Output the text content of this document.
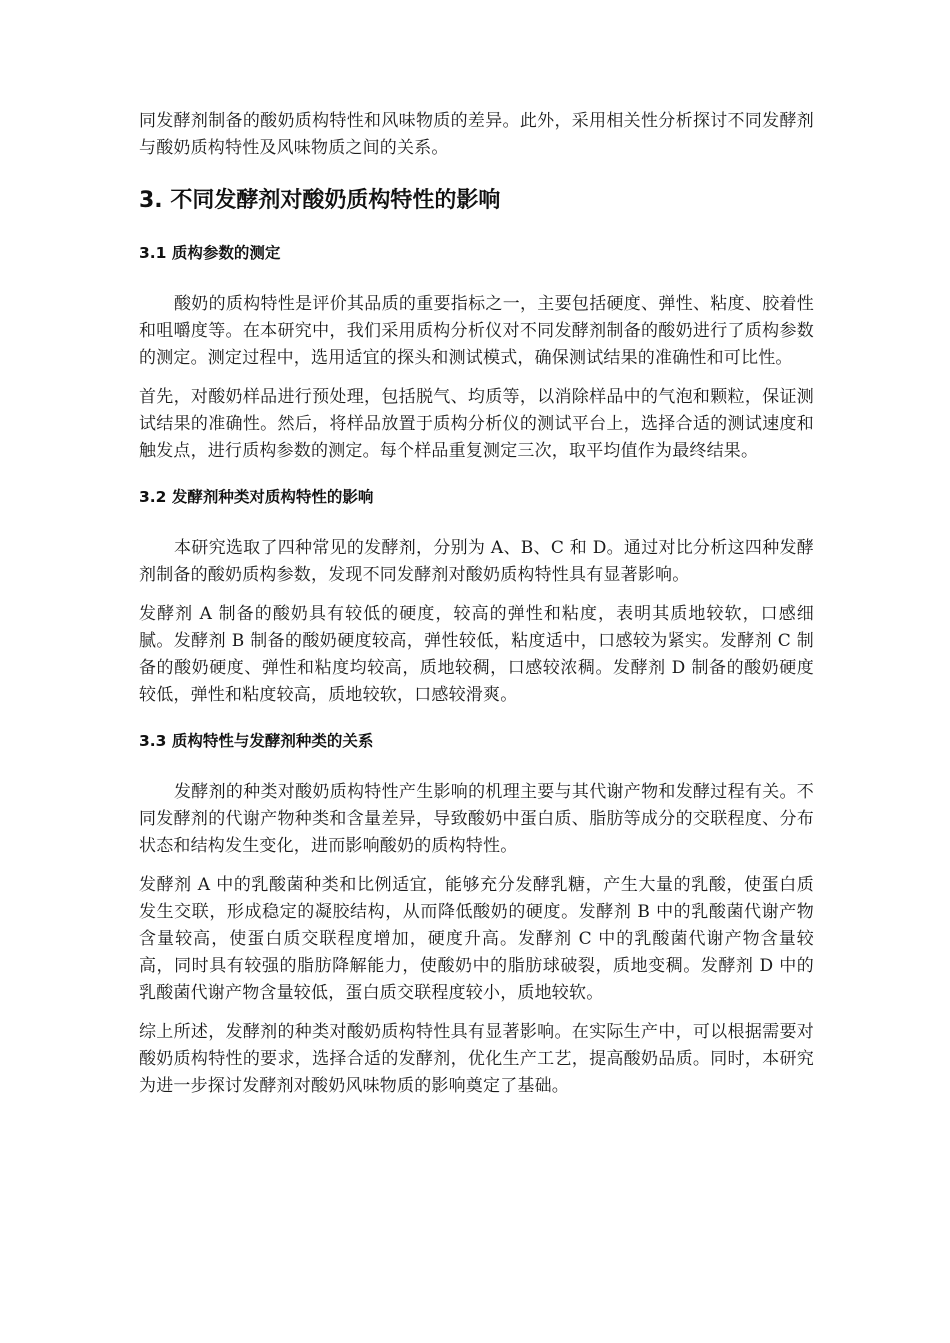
同发酵剂制备的酸奶质构特性和风味物质的差异。此外，采用相关性分析探讨不同发酵剂与酸奶质构特性及风味物质之间的关系。

3. 不同发酵剂对酸奶质构特性的影响
3.1 质构参数的测定

酸奶的质构特性是评价其品质的重要指标之一，主要包括硬度、弹性、粘度、胶着性和咀嚼度等。在本研究中，我们采用质构分析仪对不同发酵剂制备的酸奶进行了质构参数的测定。测定过程中，选用适宜的探头和测试模式，确保测试结果的准确性和可比性。

首先，对酸奶样品进行预处理，包括脱气、均质等，以消除样品中的气泡和颗粒，保证测试结果的准确性。然后，将样品放置于质构分析仪的测试平台上，选择合适的测试速度和触发点，进行质构参数的测定。每个样品重复测定三次，取平均值作为最终结果。

3.2 发酵剂种类对质构特性的影响

本研究选取了四种常见的发酵剂，分别为 A、B、C 和 D。通过对比分析这四种发酵剂制备的酸奶质构参数，发现不同发酵剂对酸奶质构特性具有显著影响。

发酵剂 A 制备的酸奶具有较低的硬度，较高的弹性和粘度，表明其质地较软，口感细腻。发酵剂 B 制备的酸奶硬度较高，弹性较低，粘度适中，口感较为紧实。发酵剂 C 制备的酸奶硬度、弹性和粘度均较高，质地较稠，口感较浓稠。发酵剂 D 制备的酸奶硬度较低，弹性和粘度较高，质地较软，口感较滑爽。

3.3 质构特性与发酵剂种类的关系

发酵剂的种类对酸奶质构特性产生影响的机理主要与其代谢产物和发酵过程有关。不同发酵剂的代谢产物种类和含量差异，导致酸奶中蛋白质、脂肪等成分的交联程度、分布状态和结构发生变化，进而影响酸奶的质构特性。

发酵剂 A 中的乳酸菌种类和比例适宜，能够充分发酵乳糖，产生大量的乳酸，使蛋白质发生交联，形成稳定的凝胶结构，从而降低酸奶的硬度。发酵剂 B 中的乳酸菌代谢产物含量较高，使蛋白质交联程度增加，硬度升高。发酵剂 C 中的乳酸菌代谢产物含量较高，同时具有较强的脂肪降解能力，使酸奶中的脂肪球破裂，质地变稠。发酵剂 D 中的乳酸菌代谢产物含量较低，蛋白质交联程度较小，质地较软。

综上所述，发酵剂的种类对酸奶质构特性具有显著影响。在实际生产中，可以根据需要对酸奶质构特性的要求，选择合适的发酵剂，优化生产工艺，提高酸奶品质。同时，本研究为进一步探讨发酵剂对酸奶风味物质的影响奠定了基础。
